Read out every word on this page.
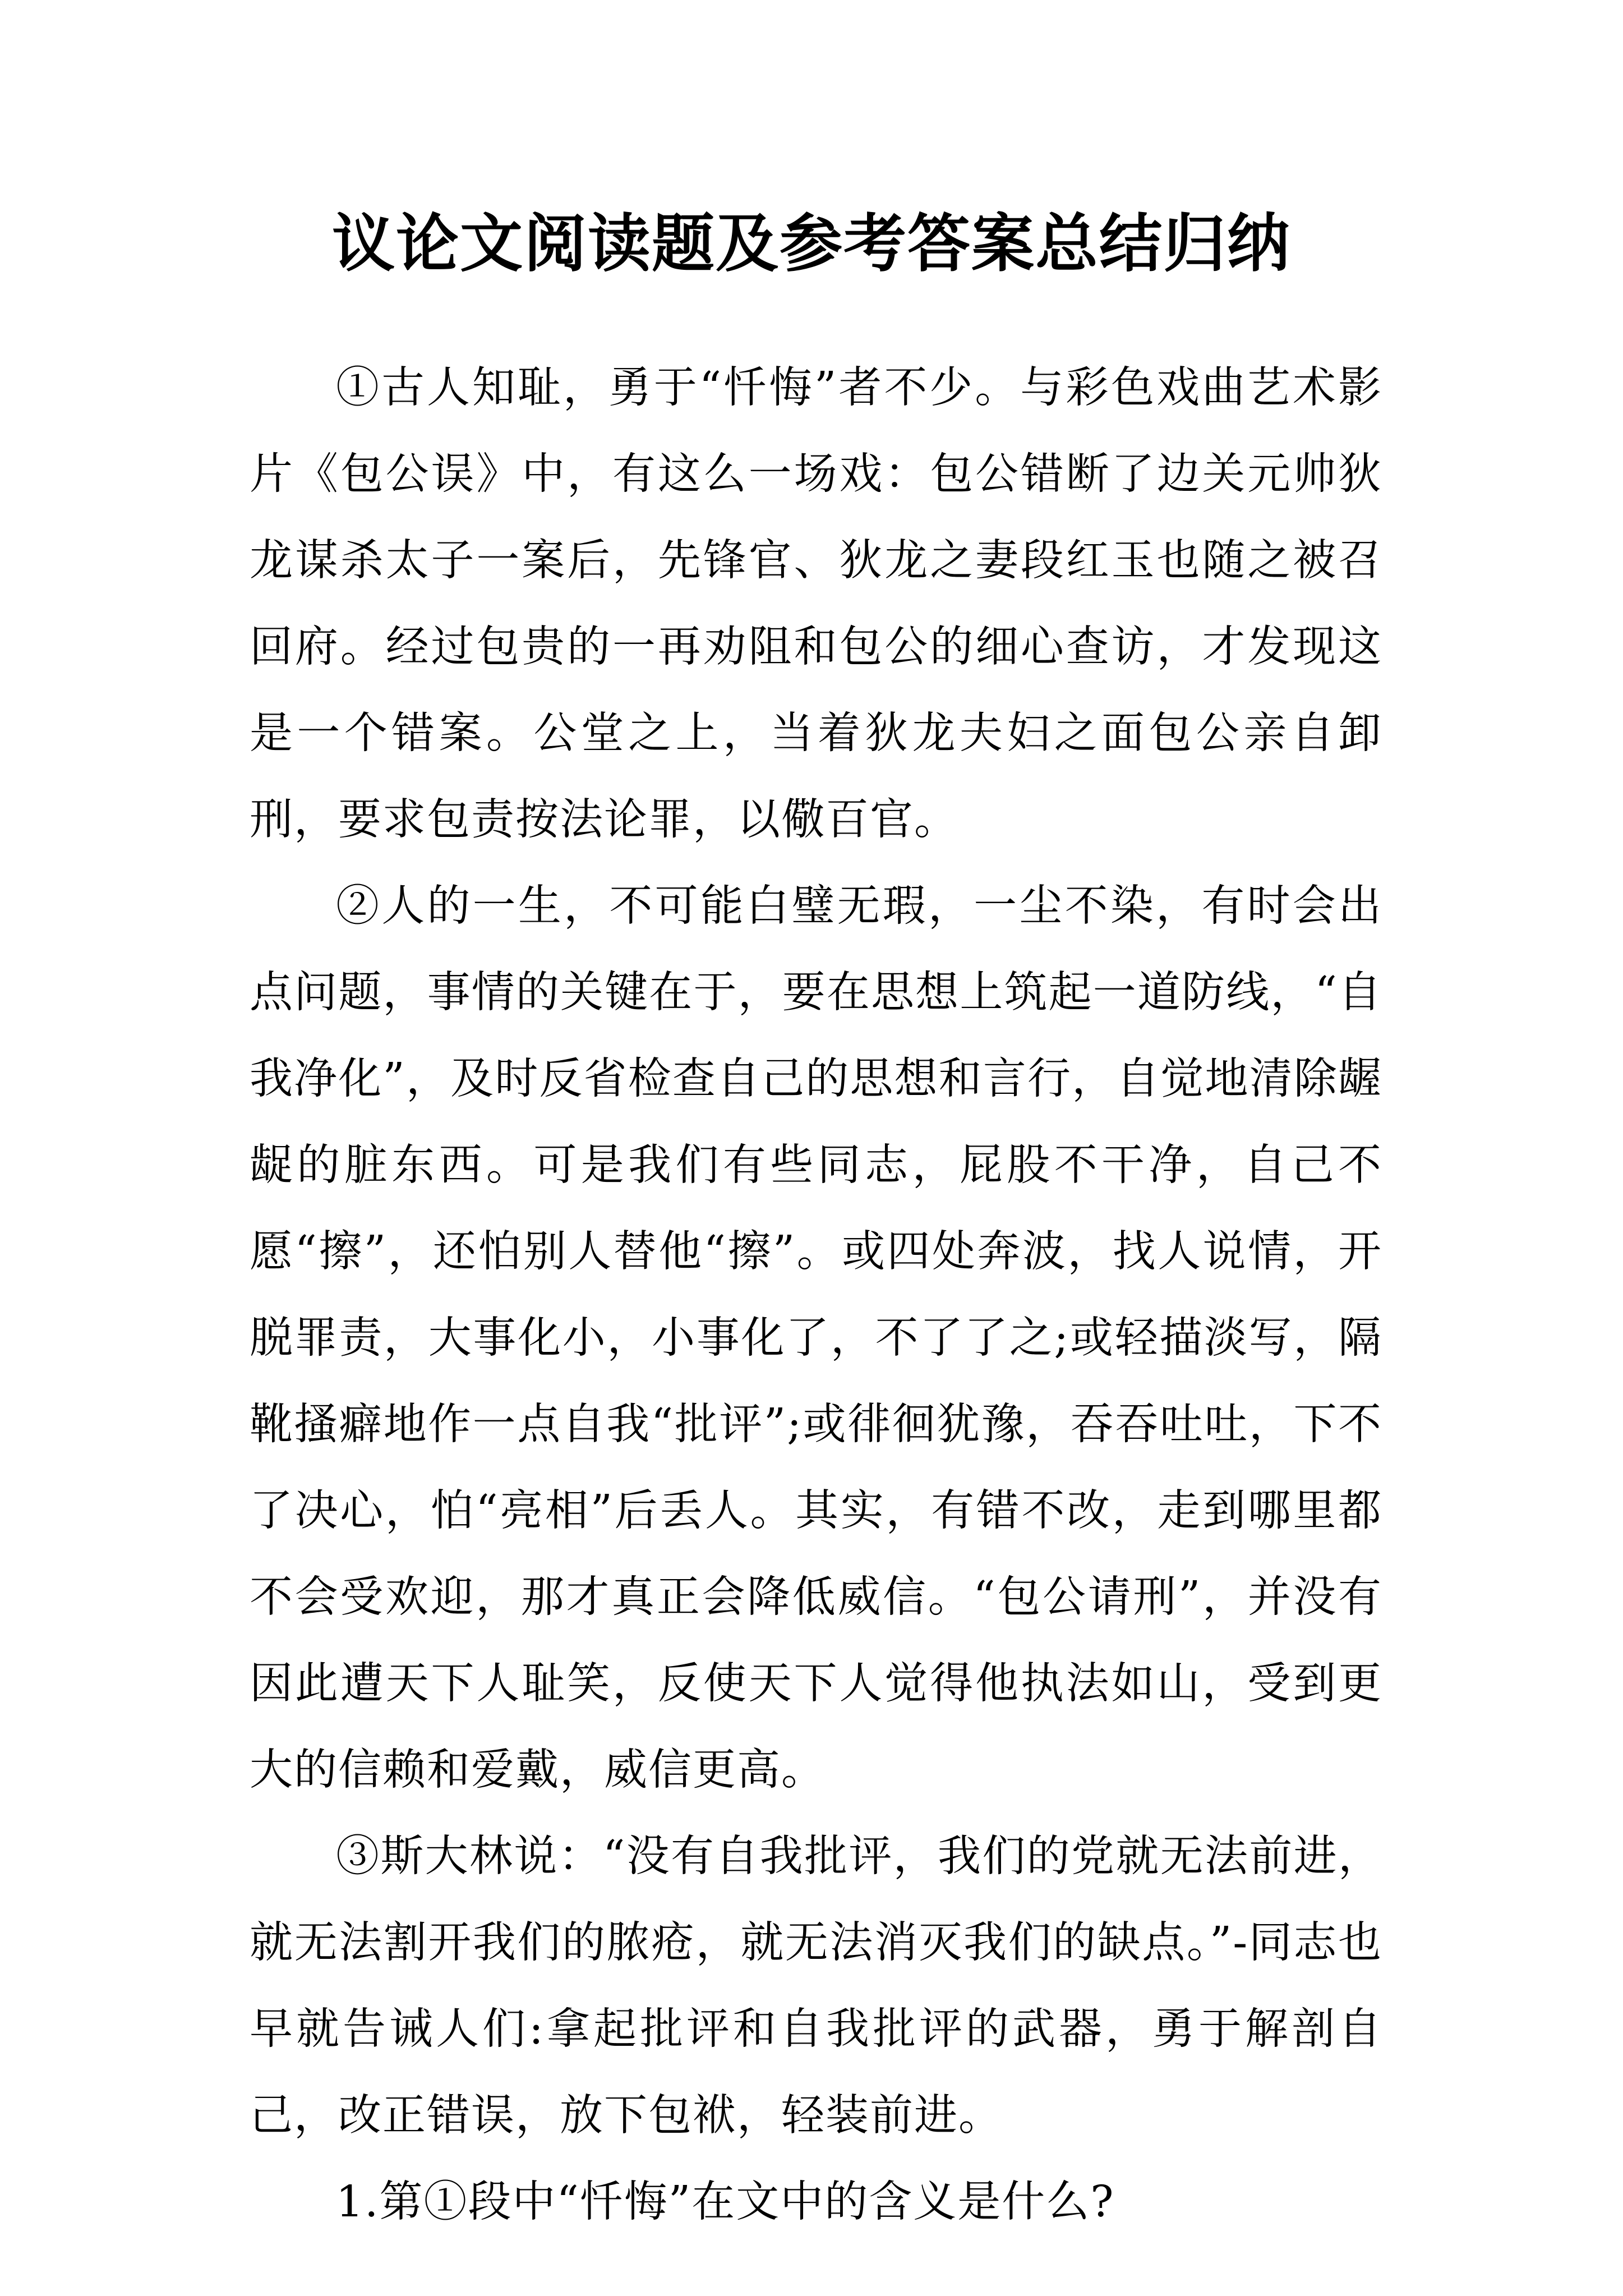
议论文阅读题及参考答案总结归纳

①古人知耻，勇于“忏悔”者不少。与彩色戏曲艺术影片《包公误》中，有这么一场戏：包公错断了边关元帅狄龙谋杀太子一案后，先锋官、狄龙之妻段红玉也随之被召回府。经过包贵的一再劝阻和包公的细心查访，才发现这是一个错案。公堂之上，当着狄龙夫妇之面包公亲自卸刑，要求包责按法论罪，以儆百官。

②人的一生，不可能白璧无瑕，一尘不染，有时会出点问题，事情的关键在于，要在思想上筑起一道防线，“自我净化”，及时反省检查自己的思想和言行，自觉地清除龌龊的脏东西。可是我们有些同志，屁股不干净，自己不愿“擦”，还怕别人替他“擦”。或四处奔波，找人说情，开脱罪责，大事化小，小事化了，不了了之;或轻描淡写，隔靴搔癖地作一点自我“批评”;或徘徊犹豫，吞吞吐吐，下不了决心，怕“亮相”后丢人。其实，有错不改，走到哪里都不会受欢迎，那才真正会降低威信。“包公请刑”，并没有因此遭天下人耻笑，反使天下人觉得他执法如山，受到更大的信赖和爱戴，威信更高。

③斯大林说：“没有自我批评，我们的党就无法前进，就无法割开我们的脓疮，就无法消灭我们的缺点。”-同志也早就告诫人们:拿起批评和自我批评的武器，勇于解剖自己，改正错误，放下包袱，轻装前进。

1.第①段中“忏悔”在文中的含义是什么?
